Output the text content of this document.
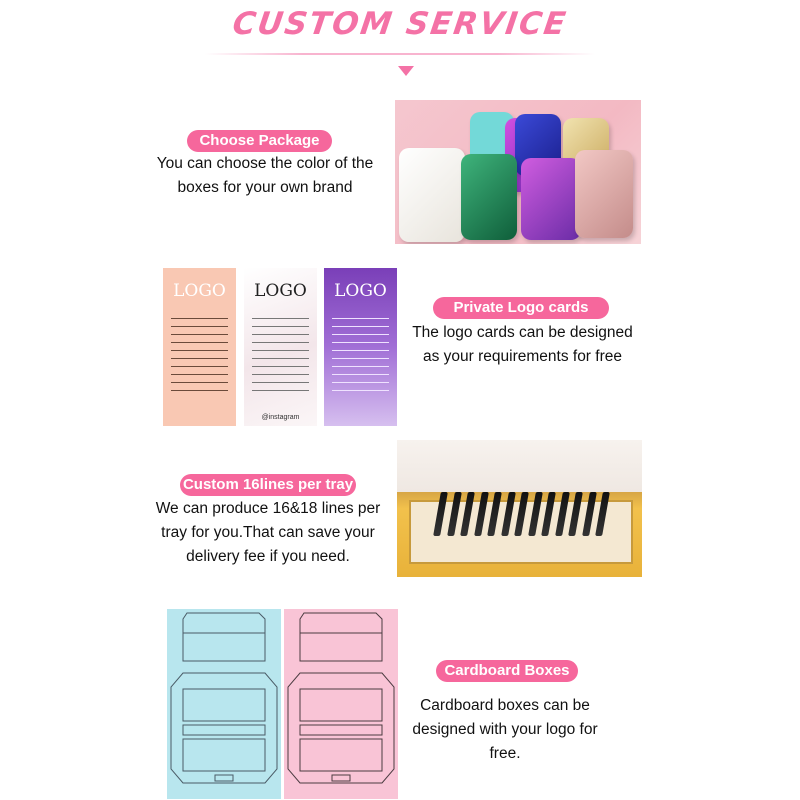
CUSTOM SERVICE
Choose Package
You can choose the color of the
boxes for your own brand
LOGO	LOGO
@instagram
LOGO
Private Logo cards
The logo cards can be designed
as your requirements for free
Custom 16lines per tray
We can produce 16&18 lines per
tray for you.That can save your
delivery fee if you need.
Cardboard Boxes
Cardboard boxes can be
designed with your logo for
free.
